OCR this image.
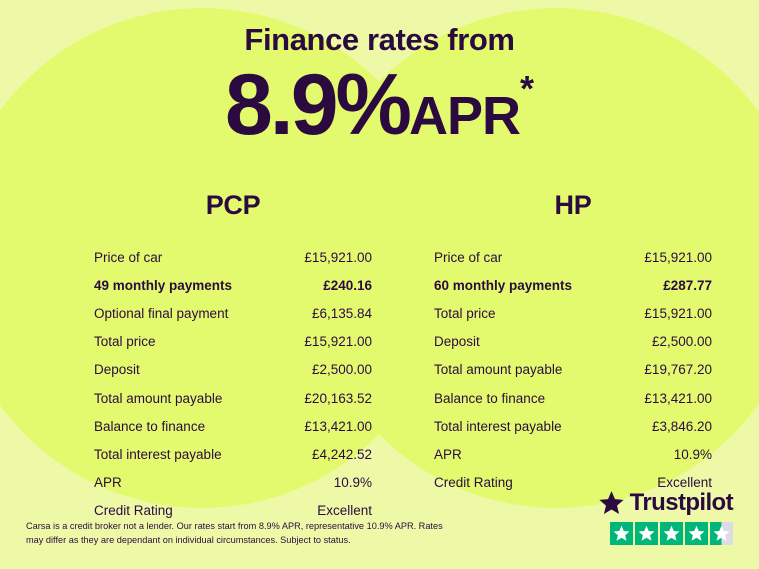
Finance rates from
8.9%APR*
PCP
Price of car	£15,921.00
49 monthly payments	£240.16
Optional final payment	£6,135.84
Total price	£15,921.00
Deposit	£2,500.00
Total amount payable	£20,163.52
Balance to finance	£13,421.00
Total interest payable	£4,242.52
APR	10.9%
Credit Rating	Excellent
HP
Price of car	£15,921.00
60 monthly payments	£287.77
Total price	£15,921.00
Deposit	£2,500.00
Total amount payable	£19,767.20
Balance to finance	£13,421.00
Total interest payable	£3,846.20
APR	10.9%
Credit Rating	Excellent
Carsa is a credit broker not a lender. Our rates start from 8.9% APR, representative 10.9% APR. Rates may differ as they are dependant on individual circumstances. Subject to status.
Trustpilot
